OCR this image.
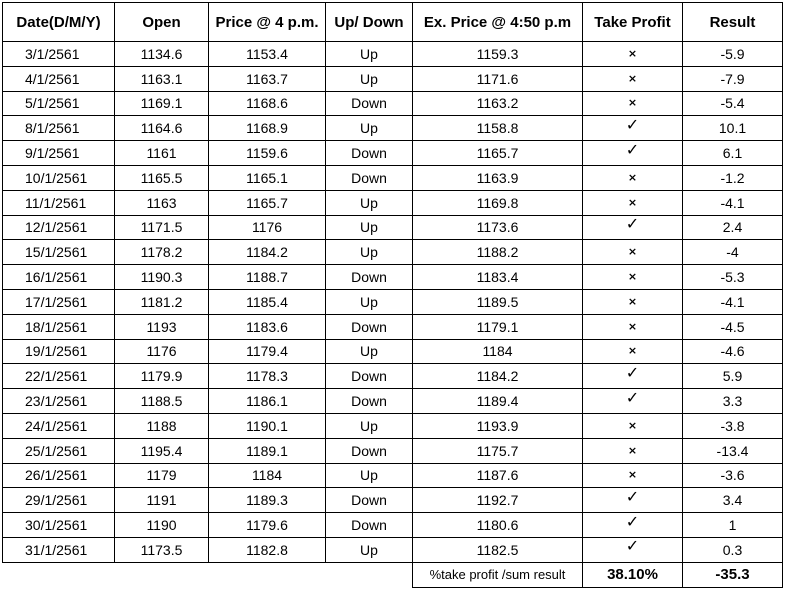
Date(D/M/Y)	Open	Price @ 4 p.m.	Up/ Down	Ex. Price @ 4:50 p.m	Take Profit	Result
3/1/2561	1134.6	1153.4	Up	1159.3	×	-5.9
4/1/2561	1163.1	1163.7	Up	1171.6	×	-7.9
5/1/2561	1169.1	1168.6	Down	1163.2	×	-5.4
8/1/2561	1164.6	1168.9	Up	1158.8	✓	10.1
9/1/2561	1161	1159.6	Down	1165.7	✓	6.1
10/1/2561	1165.5	1165.1	Down	1163.9	×	-1.2
11/1/2561	1163	1165.7	Up	1169.8	×	-4.1
12/1/2561	1171.5	1176	Up	1173.6	✓	2.4
15/1/2561	1178.2	1184.2	Up	1188.2	×	-4
16/1/2561	1190.3	1188.7	Down	1183.4	×	-5.3
17/1/2561	1181.2	1185.4	Up	1189.5	×	-4.1
18/1/2561	1193	1183.6	Down	1179.1	×	-4.5
19/1/2561	1176	1179.4	Up	1184	×	-4.6
22/1/2561	1179.9	1178.3	Down	1184.2	✓	5.9
23/1/2561	1188.5	1186.1	Down	1189.4	✓	3.3
24/1/2561	1188	1190.1	Up	1193.9	×	-3.8
25/1/2561	1195.4	1189.1	Down	1175.7	×	-13.4
26/1/2561	1179	1184	Up	1187.6	×	-3.6
29/1/2561	1191	1189.3	Down	1192.7	✓	3.4
30/1/2561	1190	1179.6	Down	1180.6	✓	1
31/1/2561	1173.5	1182.8	Up	1182.5	✓	0.3
				%take profit /sum result	38.10%	-35.3
